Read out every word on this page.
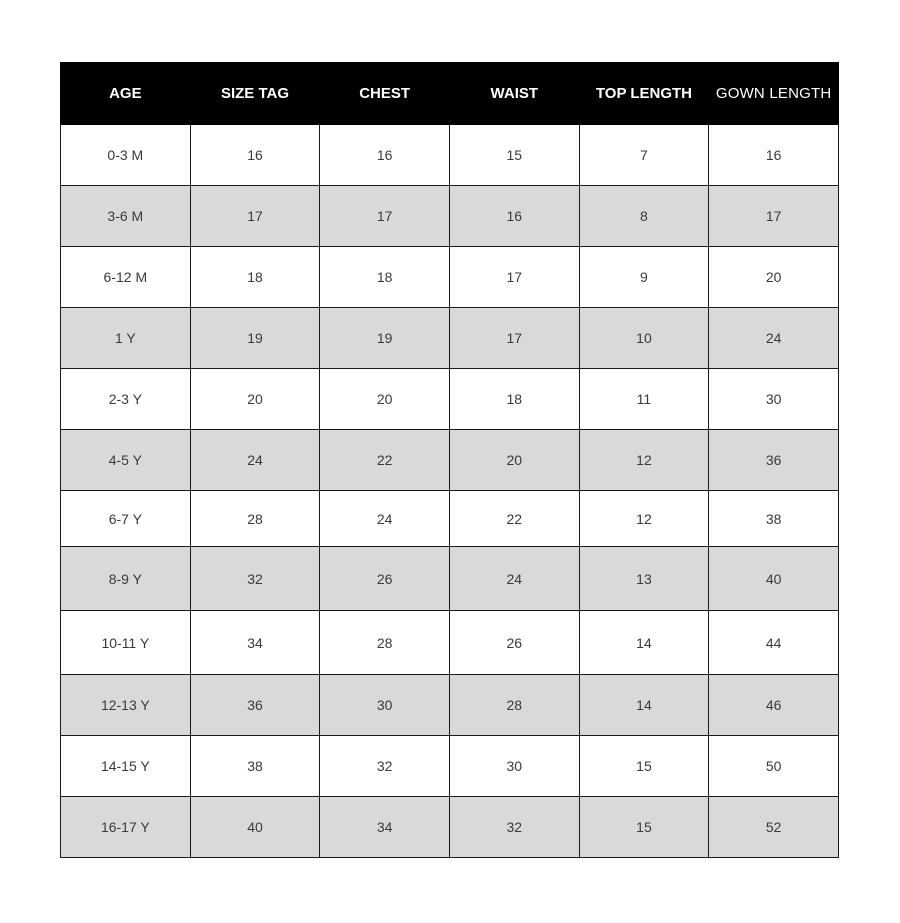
AGE	SIZE TAG	CHEST	WAIST	TOP LENGTH	GOWN LENGTH
0-3 M	16	16	15	7	16
3-6 M	17	17	16	8	17
6-12 M	18	18	17	9	20
1 Y	19	19	17	10	24
2-3 Y	20	20	18	11	30
4-5 Y	24	22	20	12	36
6-7 Y	28	24	22	12	38
8-9 Y	32	26	24	13	40
10-11 Y	34	28	26	14	44
12-13 Y	36	30	28	14	46
14-15 Y	38	32	30	15	50
16-17 Y	40	34	32	15	52
